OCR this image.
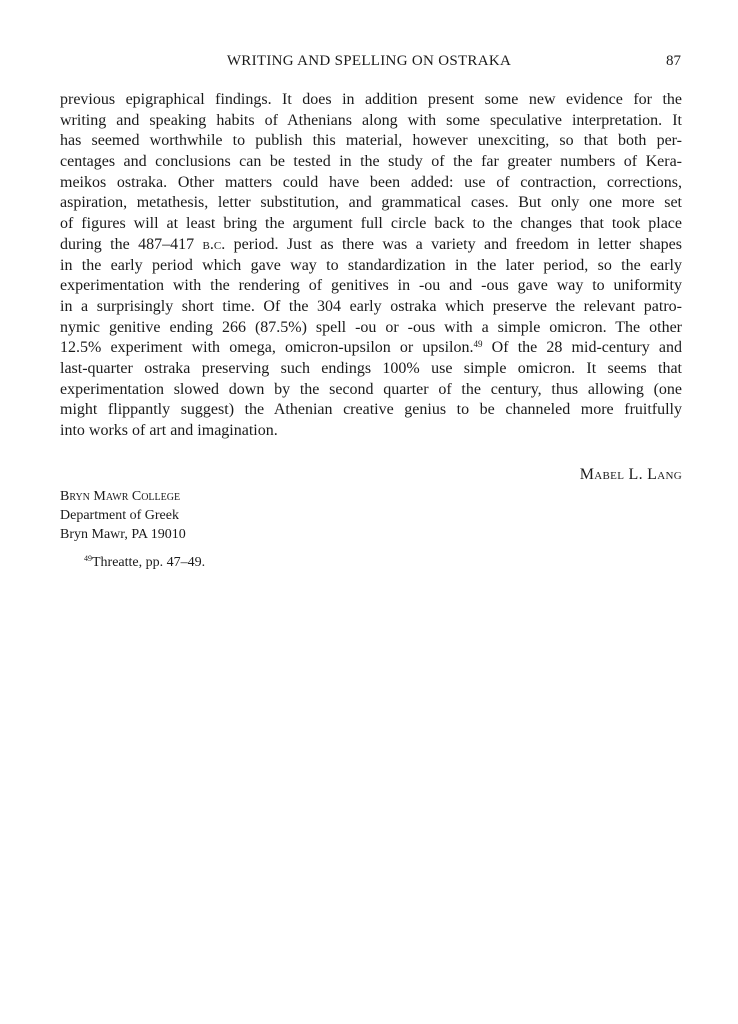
WRITING AND SPELLING ON OSTRAKA	87
previous epigraphical findings. It does in addition present some new evidence for the
writing and speaking habits of Athenians along with some speculative interpretation. It
has seemed worthwhile to publish this material, however unexciting, so that both per-
centages and conclusions can be tested in the study of the far greater numbers of Kera-
meikos ostraka. Other matters could have been added: use of contraction, corrections,
aspiration, metathesis, letter substitution, and grammatical cases. But only one more set
of figures will at least bring the argument full circle back to the changes that took place
during the 487–417 b.c. period. Just as there was a variety and freedom in letter shapes
in the early period which gave way to standardization in the later period, so the early
experimentation with the rendering of genitives in -ou and -ous gave way to uniformity
in a surprisingly short time. Of the 304 early ostraka which preserve the relevant patro-
nymic genitive ending 266 (87.5%) spell -ou or -ous with a simple omicron. The other
12.5% experiment with omega, omicron-upsilon or upsilon.$^{49}$ Of the 28 mid-century and
last-quarter ostraka preserving such endings 100% use simple omicron. It seems that
experimentation slowed down by the second quarter of the century, thus allowing (one
might flippantly suggest) the Athenian creative genius to be channeled more fruitfully
into works of art and imagination.
Mabel L. Lang
Bryn Mawr College
Department of Greek
Bryn Mawr, PA 19010
$^{49}$Threatte, pp. 47–49.
